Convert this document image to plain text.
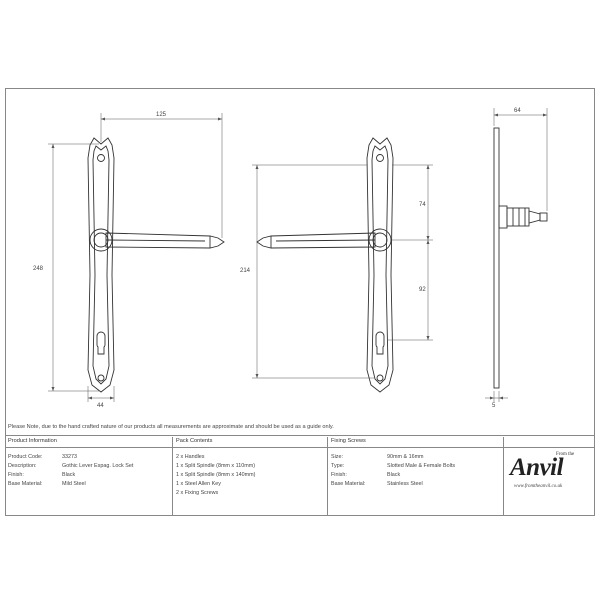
125
248
44
214
74
92
64
5
Please Note, due to the hand crafted nature of our products all measurements are approximate and should be used as a guide only.
Product Information
Product Code:	33273
Description:	Gothic Lever Espag. Lock Set
Finish:	Black
Base Material:	Mild Steel
Pack Contents
2 x Handles
1 x Split Spindle (8mm x 110mm)
1 x Split Spindle (8mm x 140mm)
1 x Steel Allen Key
2 x Fixing Screws
Fixing Screws
Size:	90mm & 16mm
Type:	Slotted Male & Female Bolts
Finish:	Black
Base Material:	Stainless Steel
From the
Anvil
www.fromtheanvil.co.uk
